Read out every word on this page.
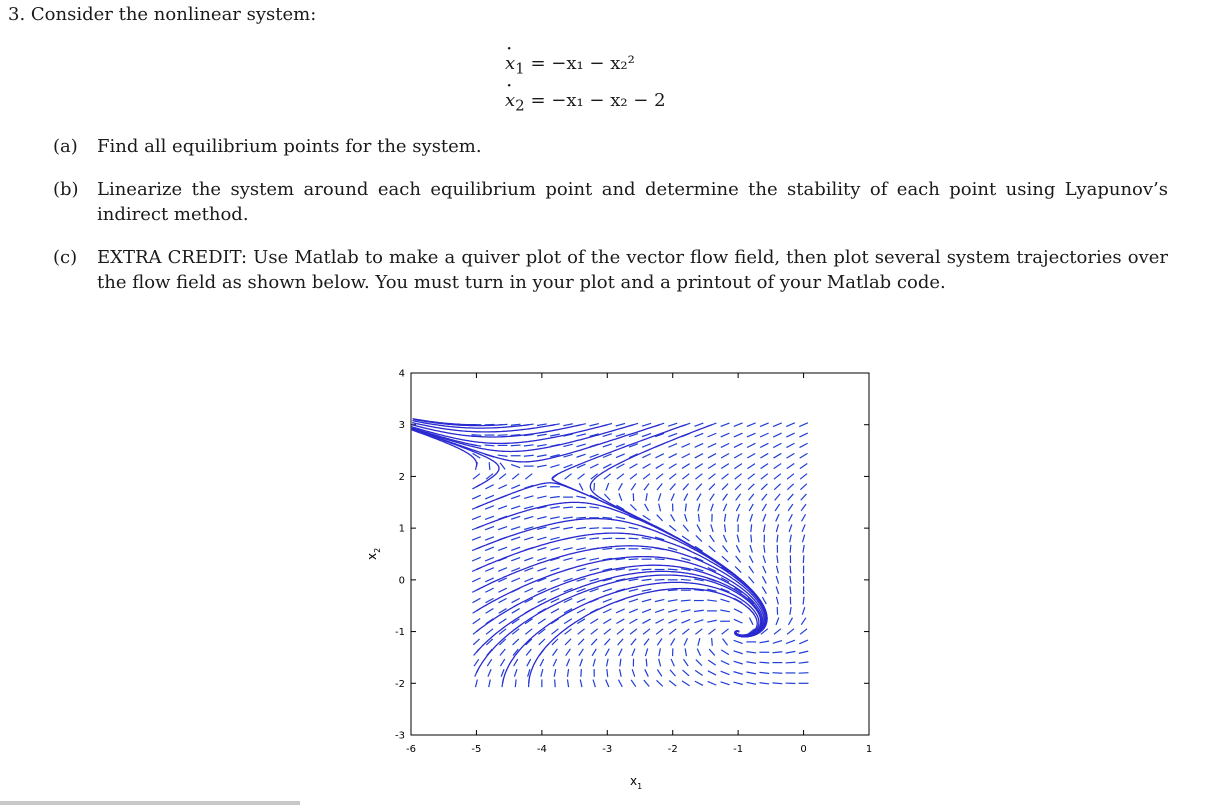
3. Consider the nonlinear system:
· $x_1 = -x_1 - x_2^2$
· $x_2 = -x_1 - x_2 - 2$
(a)	Find all equilibrium points for the system.
(b)	Linearize the system around each equilibrium point and determine the stability of each point using Lyapunov’s indirect method.
(c)	EXTRA CREDIT: Use Matlab to make a quiver plot of the vector flow field, then plot several system trajectories over the flow field as shown below. You must turn in your plot and a printout of your Matlab code.
-6	-5	-4	-3	-2	-1	0	1
-3
-2
-1
0
1
2
3
4
$x_1$
$x_2$
